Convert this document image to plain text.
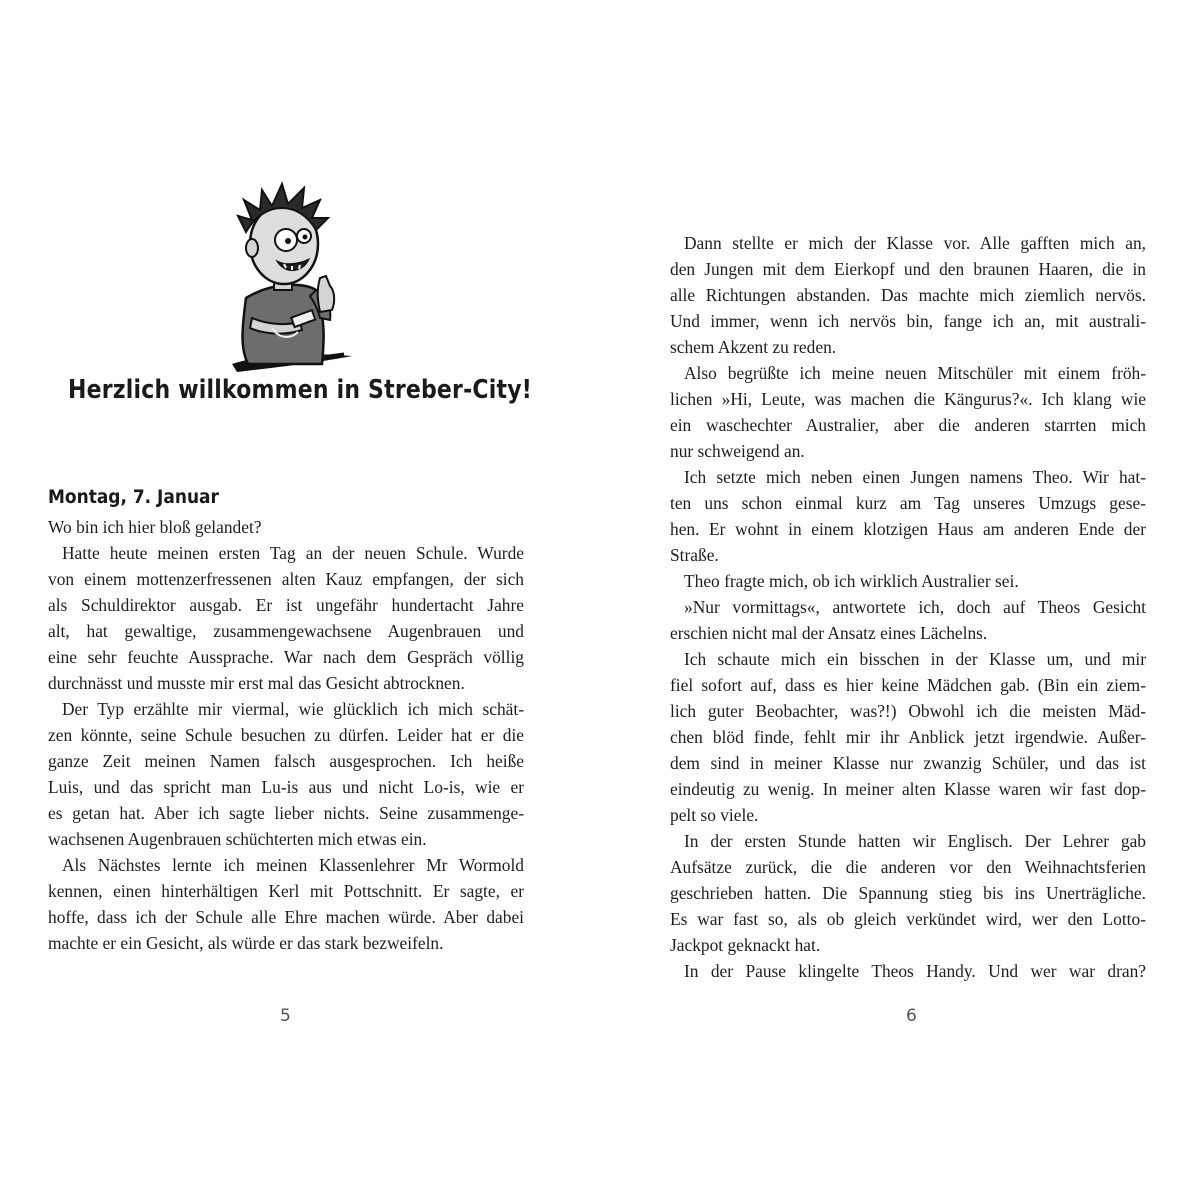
Herzlich willkommen in Streber-City!
Montag, 7. Januar
Wo bin ich hier bloß gelandet?
Hatte heute meinen ersten Tag an der neuen Schule. Wurde
von einem mottenzerfressenen alten Kauz empfangen, der sich
als Schuldirektor ausgab. Er ist ungefähr hundertacht Jahre
alt, hat gewaltige, zusammengewachsene Augenbrauen und
eine sehr feuchte Aussprache. War nach dem Gespräch völlig
durchnässt und musste mir erst mal das Gesicht abtrocknen.
Der Typ erzählte mir viermal, wie glücklich ich mich schät-
zen könnte, seine Schule besuchen zu dürfen. Leider hat er die
ganze Zeit meinen Namen falsch ausgesprochen. Ich heiße
Luis, und das spricht man Lu-is aus und nicht Lo-is, wie er
es getan hat. Aber ich sagte lieber nichts. Seine zusammenge-
wachsenen Augenbrauen schüchterten mich etwas ein.
Als Nächstes lernte ich meinen Klassenlehrer Mr Wormold
kennen, einen hinterhältigen Kerl mit Pottschnitt. Er sagte, er
hoffe, dass ich der Schule alle Ehre machen würde. Aber dabei
machte er ein Gesicht, als würde er das stark bezweifeln.
5
Dann stellte er mich der Klasse vor. Alle gafften mich an,
den Jungen mit dem Eierkopf und den braunen Haaren, die in
alle Richtungen abstanden. Das machte mich ziemlich nervös.
Und immer, wenn ich nervös bin, fange ich an, mit australi-
schem Akzent zu reden.
Also begrüßte ich meine neuen Mitschüler mit einem fröh-
lichen »Hi, Leute, was machen die Kängurus?«. Ich klang wie
ein waschechter Australier, aber die anderen starrten mich
nur schweigend an.
Ich setzte mich neben einen Jungen namens Theo. Wir hat-
ten uns schon einmal kurz am Tag unseres Umzugs gese-
hen. Er wohnt in einem klotzigen Haus am anderen Ende der
Straße.
Theo fragte mich, ob ich wirklich Australier sei.
»Nur vormittags«, antwortete ich, doch auf Theos Gesicht
erschien nicht mal der Ansatz eines Lächelns.
Ich schaute mich ein bisschen in der Klasse um, und mir
fiel sofort auf, dass es hier keine Mädchen gab. (Bin ein ziem-
lich guter Beobachter, was?!) Obwohl ich die meisten Mäd-
chen blöd finde, fehlt mir ihr Anblick jetzt irgendwie. Außer-
dem sind in meiner Klasse nur zwanzig Schüler, und das ist
eindeutig zu wenig. In meiner alten Klasse waren wir fast dop-
pelt so viele.
In der ersten Stunde hatten wir Englisch. Der Lehrer gab
Aufsätze zurück, die die anderen vor den Weihnachtsferien
geschrieben hatten. Die Spannung stieg bis ins Unerträgliche.
Es war fast so, als ob gleich verkündet wird, wer den Lotto-
Jackpot geknackt hat.
In der Pause klingelte Theos Handy. Und wer war dran?
6
